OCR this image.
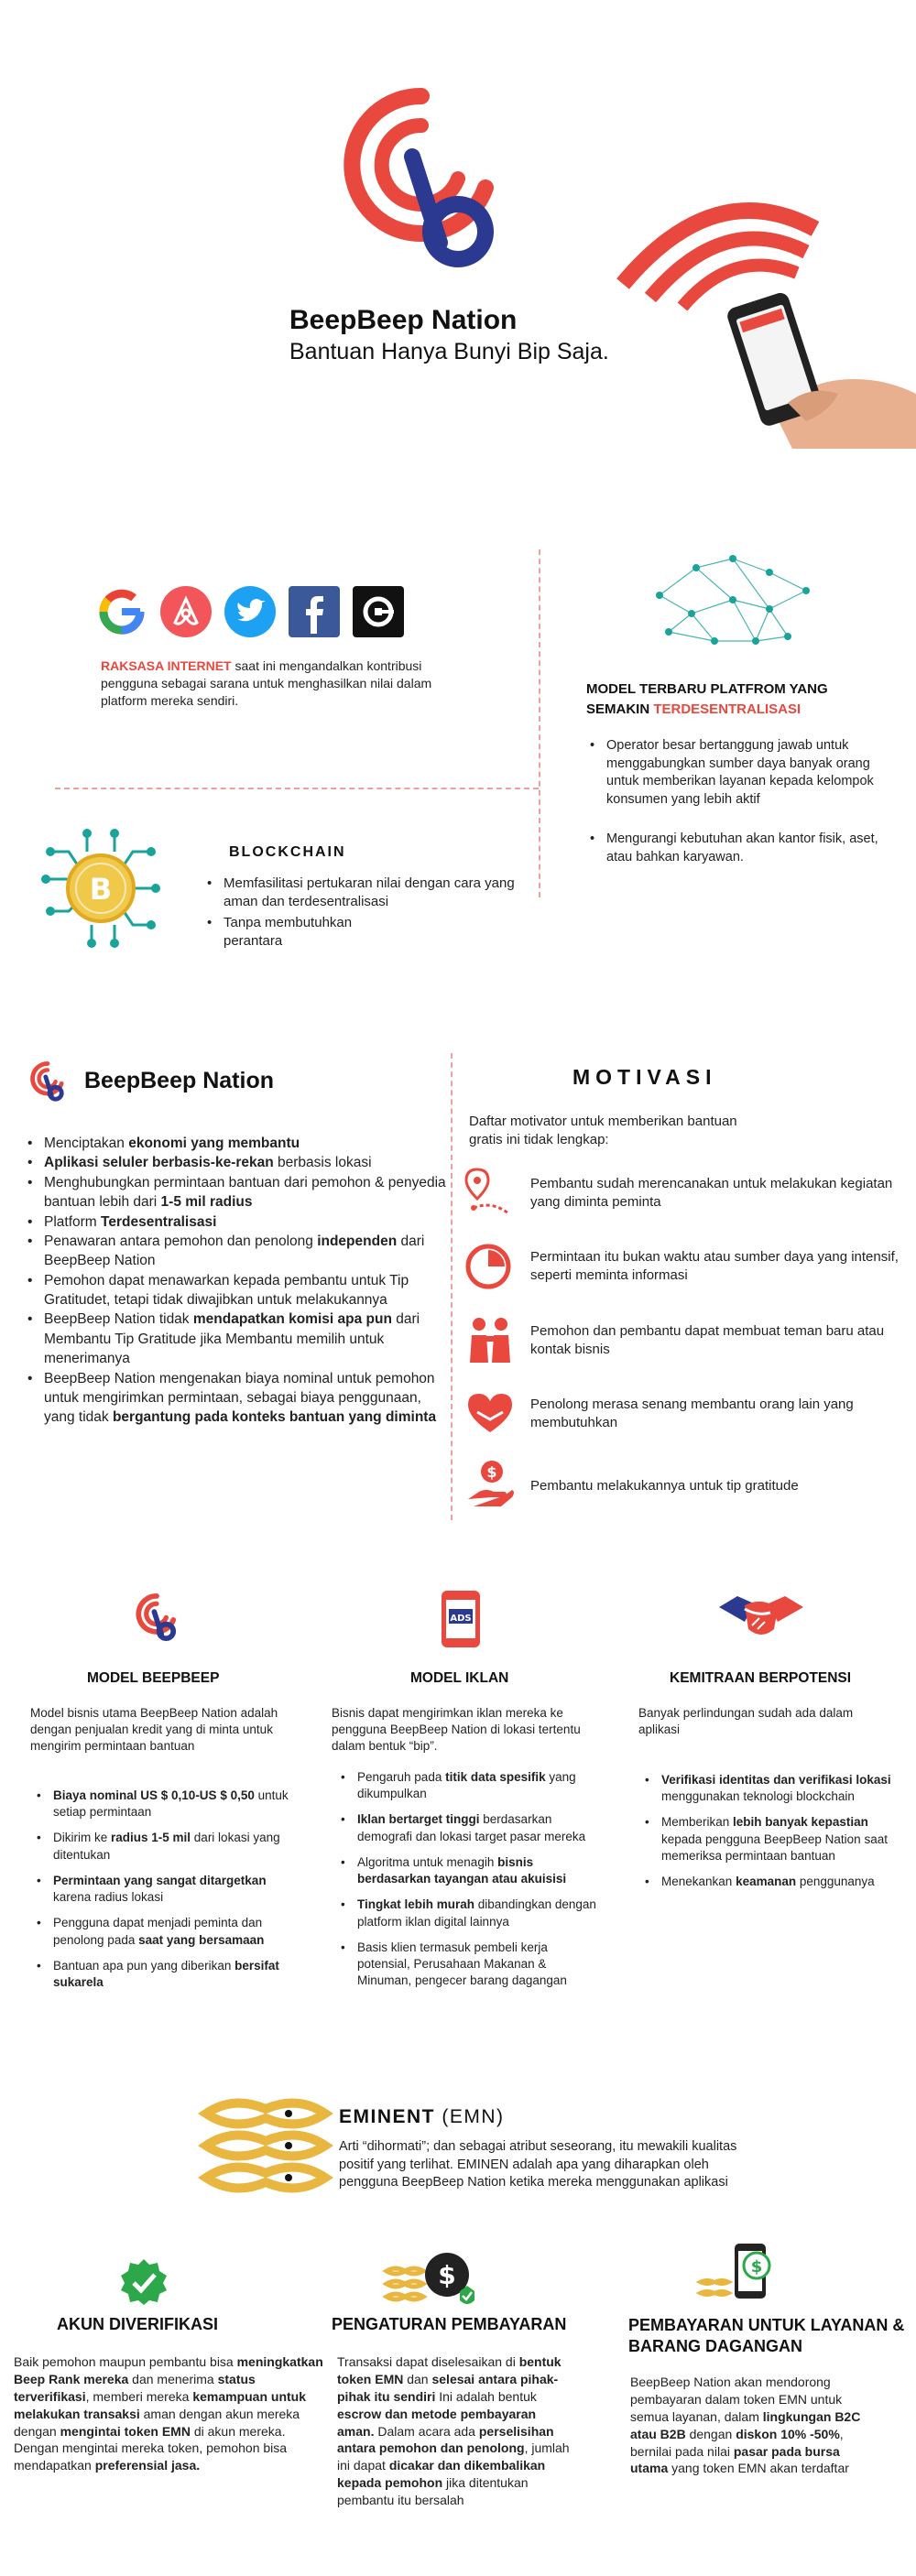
BeepBeep Nation
Bantuan Hanya Bunyi Bip Saja.
RAKSASA INTERNET saat ini mengandalkan kontribusi pengguna sebagai sarana untuk menghasilkan nilai dalam platform mereka sendiri.
MODEL TERBARU PLATFROM YANG SEMAKIN TERDESENTRALISASI
• Operator besar bertanggung jawab untuk menggabungkan sumber daya banyak orang untuk memberikan layanan kepada kelompok konsumen yang lebih aktif
• Mengurangi kebutuhan akan kantor fisik, aset, atau bahkan karyawan.
B
BLOCKCHAIN
• Memfasilitasi pertukaran nilai dengan cara yang aman dan terdesentralisasi
• Tanpa membutuhkan perantara
BeepBeep Nation
• Menciptakan ekonomi yang membantu
• Aplikasi seluler berbasis-ke-rekan berbasis lokasi
• Menghubungkan permintaan bantuan dari pemohon & penyedia bantuan lebih dari 1-5 mil radius
• Platform Terdesentralisasi
• Penawaran antara pemohon dan penolong independen dari BeepBeep Nation
• Pemohon dapat menawarkan kepada pembantu untuk Tip Gratitudet, tetapi tidak diwajibkan untuk melakukannya
• BeepBeep Nation tidak mendapatkan komisi apa pun dari Membantu Tip Gratitude jika Membantu memilih untuk menerimanya
• BeepBeep Nation mengenakan biaya nominal untuk pemohon untuk mengirimkan permintaan, sebagai biaya penggunaan, yang tidak bergantung pada konteks bantuan yang diminta
MOTIVASI
Daftar motivator untuk memberikan bantuan gratis ini tidak lengkap:
Pembantu sudah merencanakan untuk melakukan kegiatan yang diminta peminta
Permintaan itu bukan waktu atau sumber daya yang intensif, seperti meminta informasi
Pemohon dan pembantu dapat membuat teman baru atau kontak bisnis
Penolong merasa senang membantu orang lain yang membutuhkan
$
Pembantu melakukannya untuk tip gratitude
MODEL BEEPBEEP
Model bisnis utama BeepBeep Nation adalah dengan penjualan kredit yang di minta untuk mengirim permintaan bantuan
• Biaya nominal US $ 0,10-US $ 0,50 untuk setiap permintaan
• Dikirim ke radius 1-5 mil dari lokasi yang ditentukan
• Permintaan yang sangat ditargetkan karena radius lokasi
• Pengguna dapat menjadi peminta dan penolong pada saat yang bersamaan
• Bantuan apa pun yang diberikan bersifat sukarela
ADS
MODEL IKLAN
Bisnis dapat mengirimkan iklan mereka ke pengguna BeepBeep Nation di lokasi tertentu dalam bentuk “bip”.
• Pengaruh pada titik data spesifik yang dikumpulkan
• Iklan bertarget tinggi berdasarkan demografi dan lokasi target pasar mereka
• Algoritma untuk menagih bisnis berdasarkan tayangan atau akuisisi
• Tingkat lebih murah dibandingkan dengan platform iklan digital lainnya
• Basis klien termasuk pembeli kerja potensial, Perusahaan Makanan & Minuman, pengecer barang dagangan
KEMITRAAN BERPOTENSI
Banyak perlindungan sudah ada dalam aplikasi
• Verifikasi identitas dan verifikasi lokasi menggunakan teknologi blockchain
• Memberikan lebih banyak kepastian kepada pengguna BeepBeep Nation saat memeriksa permintaan bantuan
• Menekankan keamanan penggunanya
EMINENT (EMN)
Arti “dihormati”; dan sebagai atribut seseorang, itu mewakili kualitas positif yang terlihat. EMINEN adalah apa yang diharapkan oleh pengguna BeepBeep Nation ketika mereka menggunakan aplikasi
AKUN DIVERIFIKASI
Baik pemohon maupun pembantu bisa meningkatkan Beep Rank mereka dan menerima status terverifikasi, memberi mereka kemampuan untuk melakukan transaksi aman dengan akun mereka dengan mengintai token EMN di akun mereka. Dengan mengintai mereka token, pemohon bisa mendapatkan preferensial jasa.
$
PENGATURAN PEMBAYARAN
Transaksi dapat diselesaikan di bentuk token EMN dan selesai antara pihak-pihak itu sendiri Ini adalah bentuk escrow dan metode pembayaran aman. Dalam acara ada perselisihan antara pemohon dan penolong, jumlah ini dapat dicakar dan dikembalikan kepada pemohon jika ditentukan pembantu itu bersalah
$
PEMBAYARAN UNTUK LAYANAN & BARANG DAGANGAN
BeepBeep Nation akan mendorong pembayaran dalam token EMN untuk semua layanan, dalam lingkungan B2C atau B2B dengan diskon 10% -50%, bernilai pada nilai pasar pada bursa utama yang token EMN akan terdaftar
